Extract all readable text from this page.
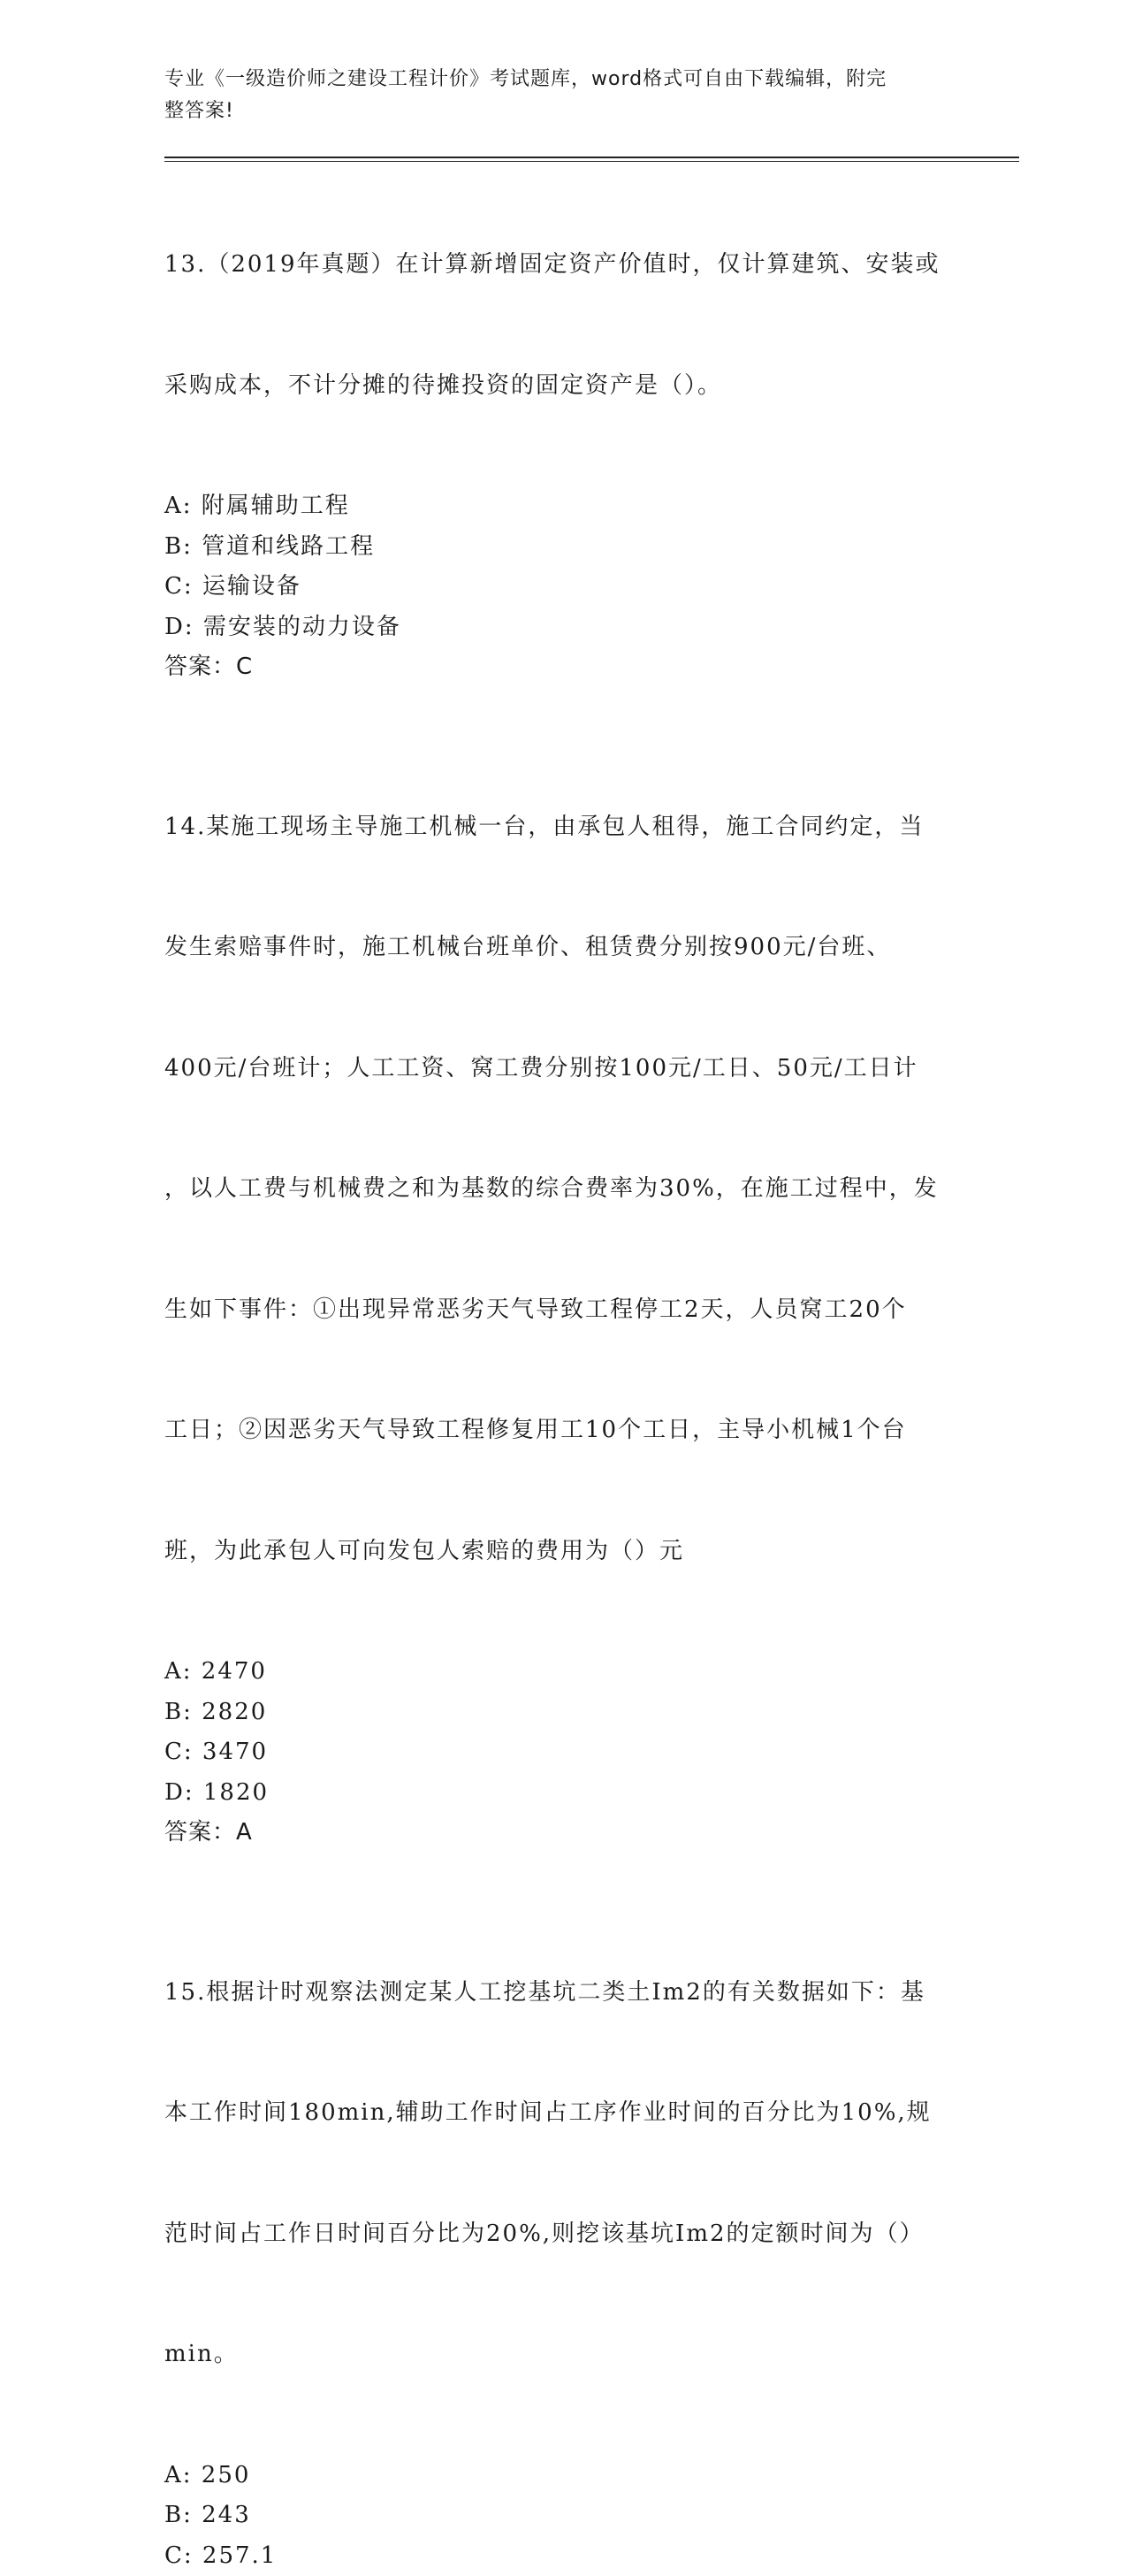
专业《一级造价师之建设工程计价》考试题库，word格式可自由下载编辑，附完
整答案!

13.（2019年真题）在计算新增固定资产价值时，仅计算建筑、安装或

采购成本，不计分摊的待摊投资的固定资产是（）。

A: 附属辅助工程
B: 管道和线路工程
C: 运输设备
D: 需安装的动力设备
答案：C

14.某施工现场主导施工机械一台，由承包人租得，施工合同约定，当

发生索赔事件时，施工机械台班单价、租赁费分别按900元/台班、

400元/台班计；人工工资、窝工费分别按100元/工日、50元/工日计

，以人工费与机械费之和为基数的综合费率为30%，在施工过程中，发

生如下事件：①出现异常恶劣天气导致工程停工2天，人员窝工20个

工日；②因恶劣天气导致工程修复用工10个工日，主导小机械1个台

班，为此承包人可向发包人索赔的费用为（）元

A: 2470
B: 2820
C: 3470
D: 1820
答案：A

15.根据计时观察法测定某人工挖基坑二类土Im2的有关数据如下：基

本工作时间180min,辅助工作时间占工序作业时间的百分比为10%,规

范时间占工作日时间百分比为20%,则挖该基坑Im2的定额时间为（）

min。

A: 250
B: 243
C: 257.1
